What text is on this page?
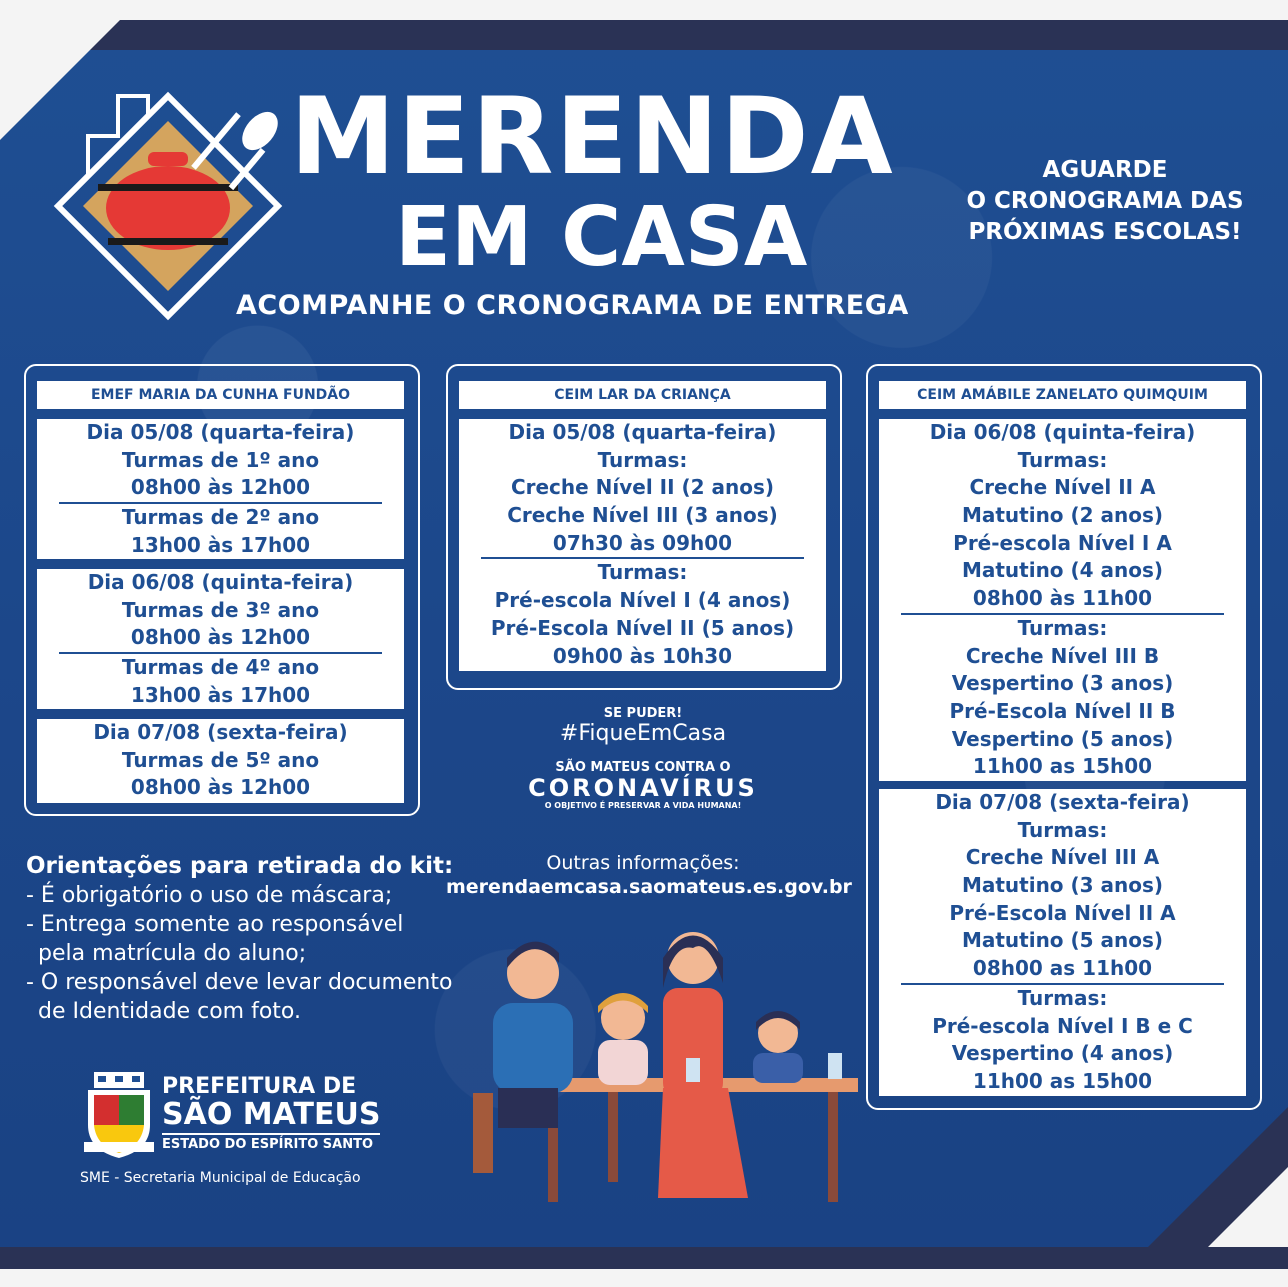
MERENDA
EM CASA
ACOMPANHE O CRONOGRAMA DE ENTREGA
AGUARDE
O CRONOGRAMA DAS
PRÓXIMAS ESCOLAS!
EMEF MARIA DA CUNHA FUNDÃO
Dia 05/08 (quarta-feira)
Turmas de 1º ano
08h00 às 12h00
Turmas de 2º ano
13h00 às 17h00
Dia 06/08 (quinta-feira)
Turmas de 3º ano
08h00 às 12h00
Turmas de 4º ano
13h00 às 17h00
Dia 07/08 (sexta-feira)
Turmas de 5º ano
08h00 às 12h00
CEIM LAR DA CRIANÇA
Dia 05/08 (quarta-feira)
Turmas:
Creche Nível II (2 anos)
Creche Nível III (3 anos)
07h30 às 09h00
Turmas:
Pré-escola Nível I (4 anos)
Pré-Escola Nível II (5 anos)
09h00 às 10h30
CEIM AMÁBILE ZANELATO QUIMQUIM
Dia 06/08 (quinta-feira)
Turmas:
Creche Nível II A
Matutino (2 anos)
Pré-escola Nível I A
Matutino (4 anos)
08h00 às 11h00
Turmas:
Creche Nível III B
Vespertino (3 anos)
Pré-Escola Nível II B
Vespertino (5 anos)
11h00 as 15h00
Dia 07/08 (sexta-feira)
Turmas:
Creche Nível III A
Matutino (3 anos)
Pré-Escola Nível II A
Matutino (5 anos)
08h00 as 11h00
Turmas:
Pré-escola Nível I B e C
Vespertino (4 anos)
11h00 as 15h00
SE PUDER!
#FiqueEmCasa
SÃO MATEUS CONTRA O
CORONAVÍRUS
O OBJETIVO É PRESERVAR A VIDA HUMANA!
Outras informações:
merendaemcasa.saomateus.es.gov.br
Orientações para retirada do kit:
- É obrigatório o uso de máscara;
- Entrega somente ao responsável
pela matrícula do aluno;
- O responsável deve levar documento
de Identidade com foto.
PREFEITURA DE
SÃO MATEUS
ESTADO DO ESPÍRITO SANTO
SME - Secretaria Municipal de Educação
